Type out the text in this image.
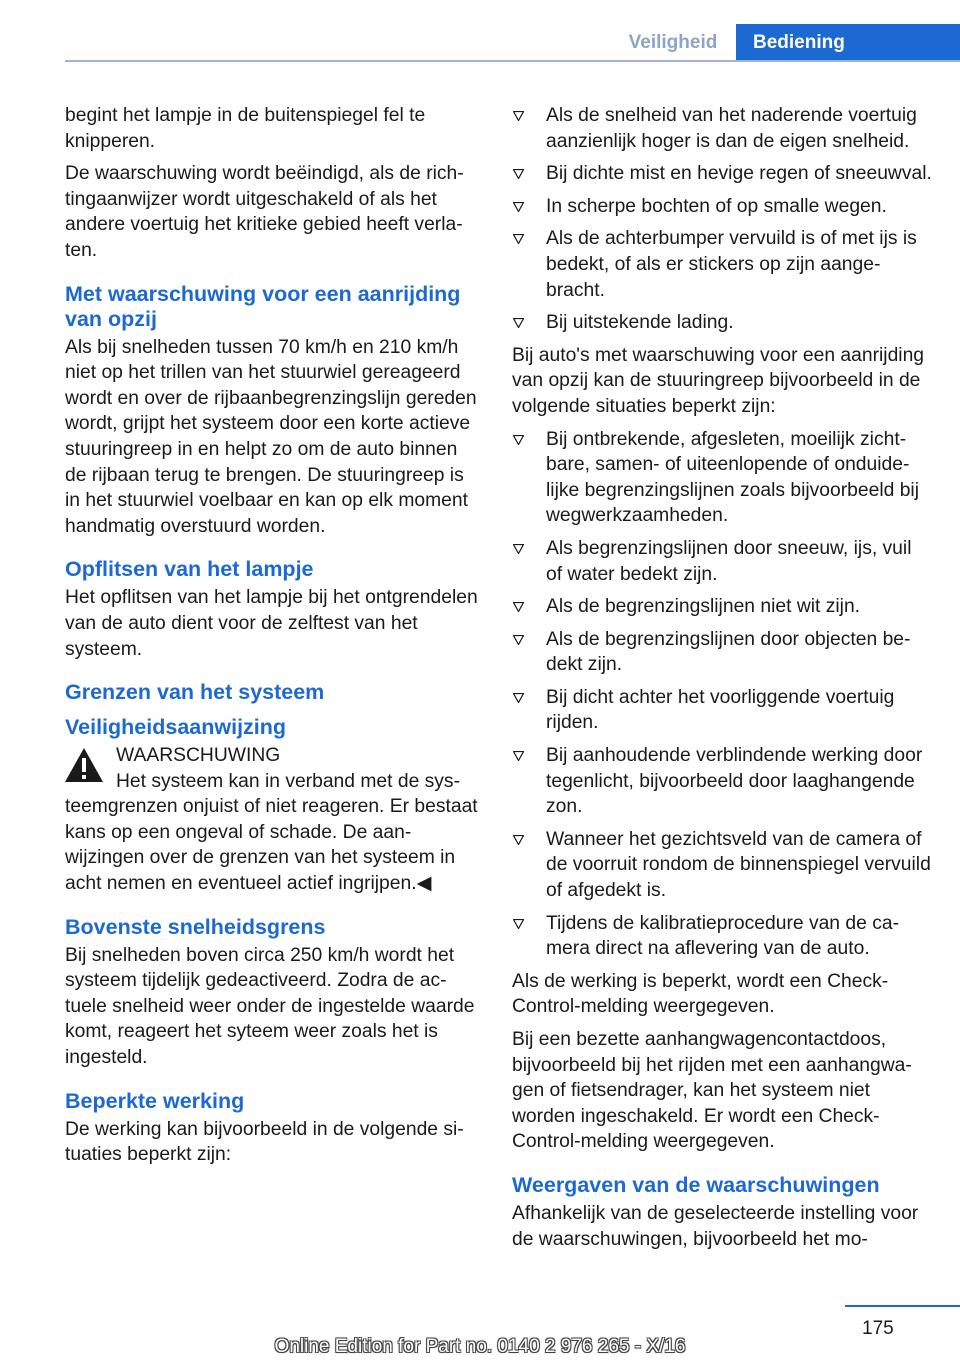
Veiligheid	Bediening

begint het lampje in de buitenspiegel fel te knipperen.

De waarschuwing wordt beëindigd, als de richtingaanwijzer wordt uitgeschakeld of als het andere voertuig het kritieke gebied heeft verlaten.

Met waarschuwing voor een aanrijding van opzij

Als bij snelheden tussen 70 km/h en 210 km/h niet op het trillen van het stuurwiel gereageerd wordt en over de rijbaanbegrenzingslijn gereden wordt, grijpt het systeem door een korte actieve stuuringreep in en helpt zo om de auto binnen de rijbaan terug te brengen. De stuuringreep is in het stuurwiel voelbaar en kan op elk moment handmatig overstuurd worden.

Opflitsen van het lampje

Het opflitsen van het lampje bij het ontgrendelen van de auto dient voor de zelftest van het systeem.

Grenzen van het systeem
Veiligheidsaanwijzing
WAARSCHUWING

Het systeem kan in verband met de systeemgrenzen onjuist of niet reageren. Er bestaat kans op een ongeval of schade. De aanwijzingen over de grenzen van het systeem in acht nemen en eventueel actief ingrijpen.◀

Bovenste snelheidsgrens

Bij snelheden boven circa 250 km/h wordt het systeem tijdelijk gedeactiveerd. Zodra de actuele snelheid weer onder de ingestelde waarde komt, reageert het syteem weer zoals het is ingesteld.

Beperkte werking

De werking kan bijvoorbeeld in de volgende situaties beperkt zijn:

Als de snelheid van het naderende voertuig aanzienlijk hoger is dan de eigen snelheid.
Bij dichte mist en hevige regen of sneeuwval.
In scherpe bochten of op smalle wegen.
Als de achterbumper vervuild is of met ijs is bedekt, of als er stickers op zijn aangebracht.
Bij uitstekende lading.

Bij auto's met waarschuwing voor een aanrijding van opzij kan de stuuringreep bijvoorbeeld in de volgende situaties beperkt zijn:

Bij ontbrekende, afgesleten, moeilijk zichtbare, samen- of uiteenlopende of onduidelijke begrenzingslijnen zoals bijvoorbeeld bij wegwerkzaamheden.
Als begrenzingslijnen door sneeuw, ijs, vuil of water bedekt zijn.
Als de begrenzingslijnen niet wit zijn.
Als de begrenzingslijnen door objecten bedekt zijn.
Bij dicht achter het voorliggende voertuig rijden.
Bij aanhoudende verblindende werking door tegenlicht, bijvoorbeeld door laaghangende zon.
Wanneer het gezichtsveld van de camera of de voorruit rondom de binnenspiegel vervuild of afgedekt is.
Tijdens de kalibratieprocedure van de camera direct na aflevering van de auto.

Als de werking is beperkt, wordt een Check-Control-melding weergegeven.

Bij een bezette aanhangwagencontactdoos, bijvoorbeeld bij het rijden met een aanhangwagen of fietsendrager, kan het systeem niet worden ingeschakeld. Er wordt een Check-Control-melding weergegeven.

Weergaven van de waarschuwingen

Afhankelijk van de geselecteerde instelling voor de waarschuwingen, bijvoorbeeld het mo-

175
Online Edition for Part no. 0140 2 976 265 - X/16
